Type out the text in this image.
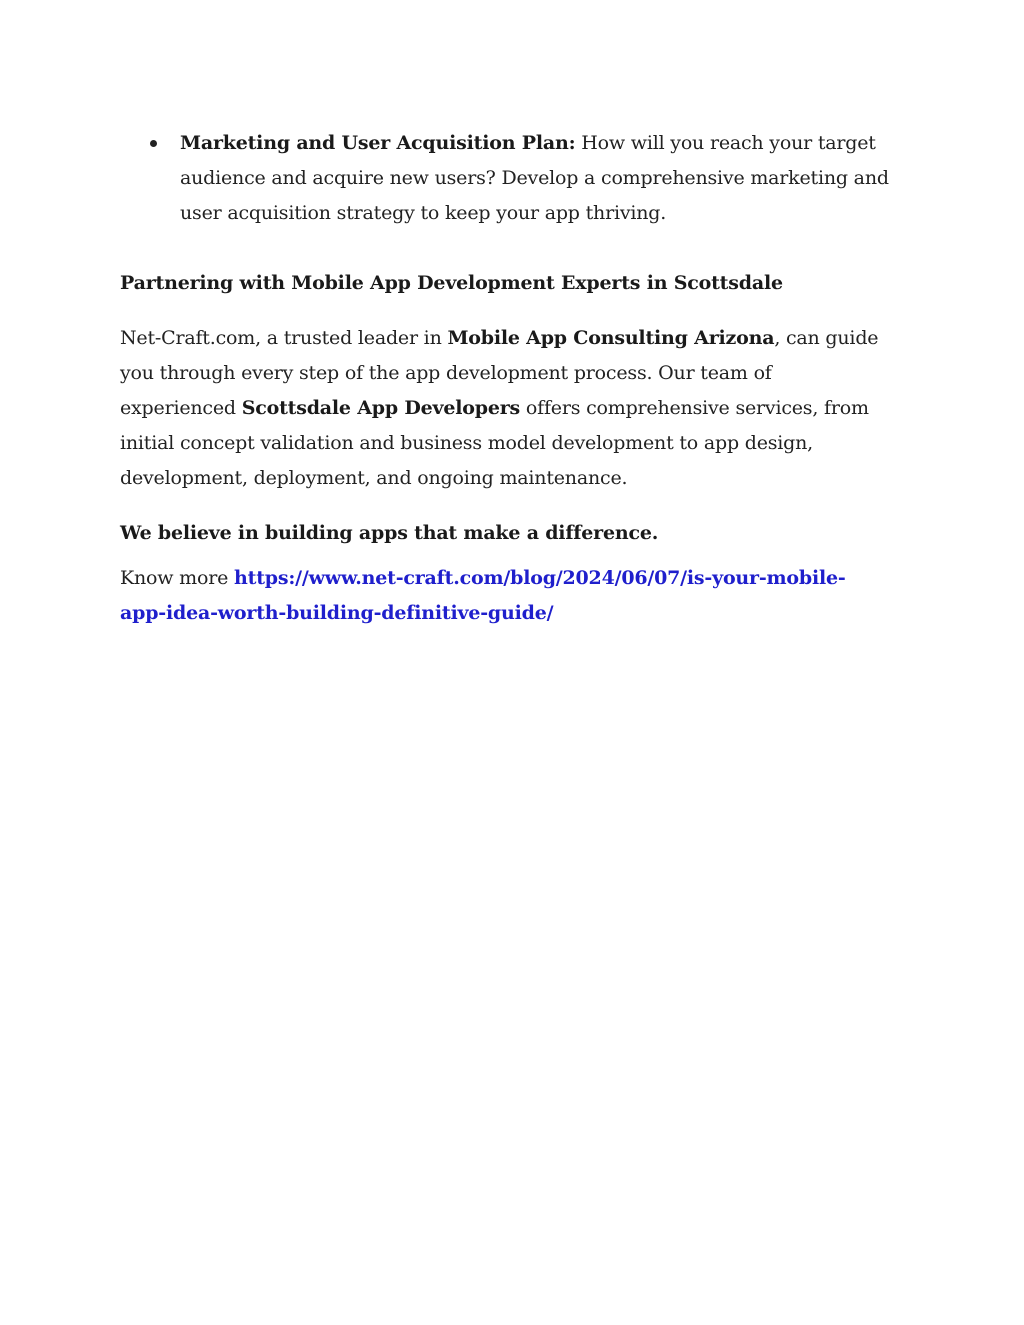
Marketing and User Acquisition Plan: How will you reach your target audience and acquire new users? Develop a comprehensive marketing and user acquisition strategy to keep your app thriving.
Partnering with Mobile App Development Experts in Scottsdale

Net-Craft.com, a trusted leader in Mobile App Consulting Arizona, can guide you through every step of the app development process. Our team of experienced Scottsdale App Developers offers comprehensive services, from initial concept validation and business model development to app design, development, deployment, and ongoing maintenance.

We believe in building apps that make a difference.

Know more https://www.net-craft.com/blog/2024/06/07/is-your-mobile-app-idea-worth-building-definitive-guide/
